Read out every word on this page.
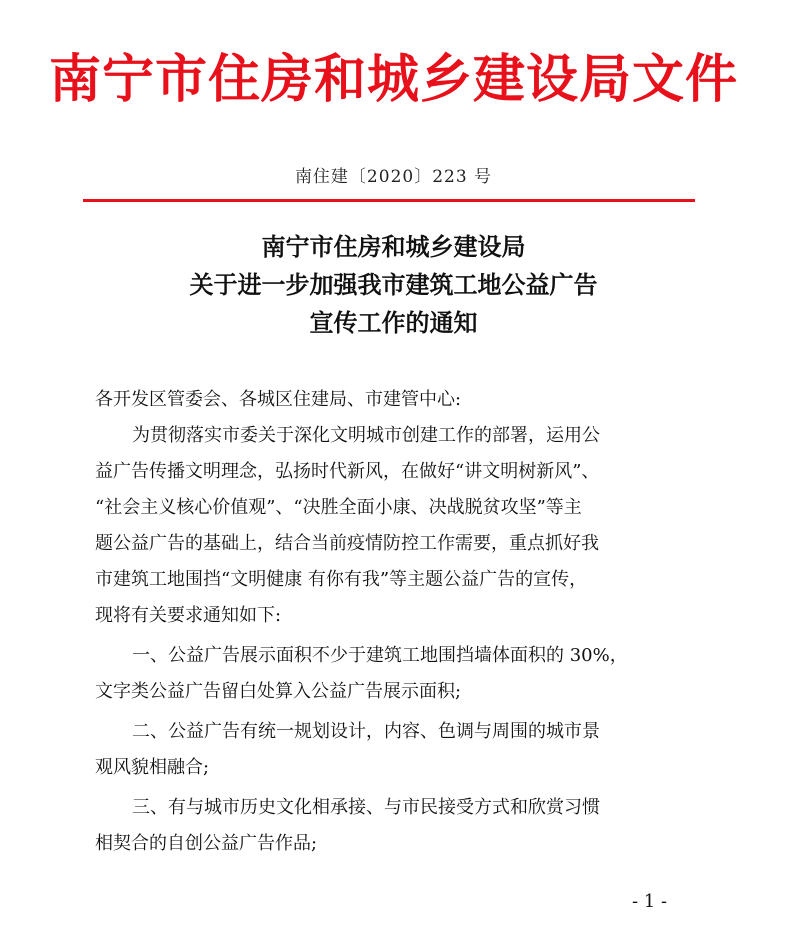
南宁市住房和城乡建设局文件
南住建〔2020〕223 号
南宁市住房和城乡建设局
关于进一步加强我市建筑工地公益广告
宣传工作的通知
各开发区管委会、各城区住建局、市建管中心:
为贯彻落实市委关于深化文明城市创建工作的部署，运用公
益广告传播文明理念，弘扬时代新风，在做好“讲文明树新风”、
“社会主义核心价值观”、“决胜全面小康、决战脱贫攻坚”等主
题公益广告的基础上，结合当前疫情防控工作需要，重点抓好我
市建筑工地围挡“文明健康 有你有我”等主题公益广告的宣传，
现将有关要求通知如下:
一、公益广告展示面积不少于建筑工地围挡墙体面积的 30%，
文字类公益广告留白处算入公益广告展示面积;
二、公益广告有统一规划设计，内容、色调与周围的城市景
观风貌相融合;
三、有与城市历史文化相承接、与市民接受方式和欣赏习惯
相契合的自创公益广告作品;
- 1 -
